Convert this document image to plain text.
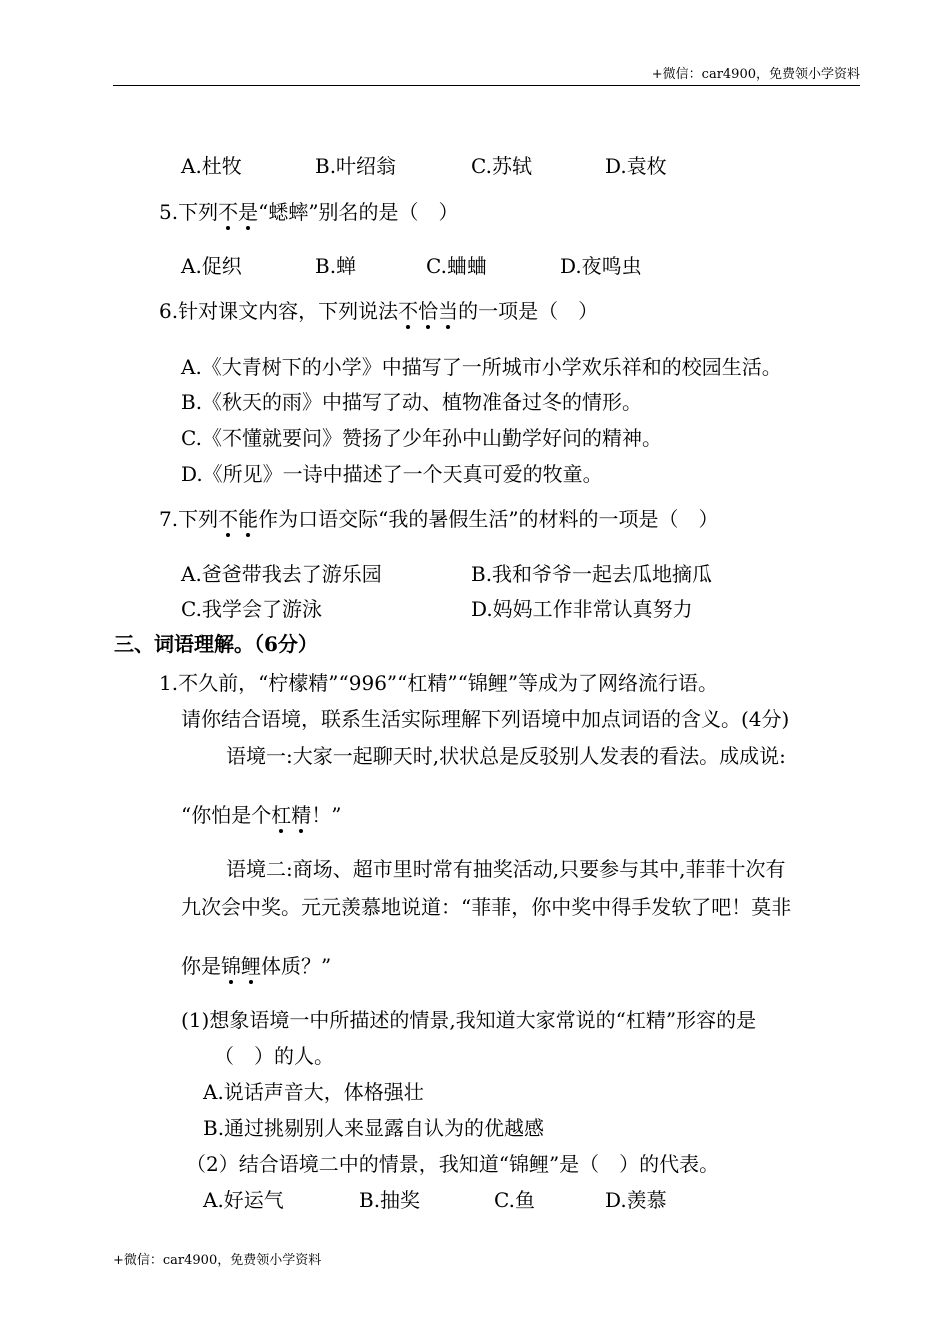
+微信：car4900，免费领小学资料
A.杜牧	B.叶绍翁	C.苏轼	D.袁枚
5.下列不是“蟋蟀”别名的是（　）
A.促织	B.蝉	C.蛐蛐	D.夜鸣虫
6.针对课文内容，下列说法不恰当的一项是（　）
A.《大青树下的小学》中描写了一所城市小学欢乐祥和的校园生活。
B.《秋天的雨》中描写了动、植物准备过冬的情形。
C.《不懂就要问》赞扬了少年孙中山勤学好问的精神。
D.《所见》一诗中描述了一个天真可爱的牧童。
7.下列不能作为口语交际“我的暑假生活”的材料的一项是（　）
A.爸爸带我去了游乐园	B.我和爷爷一起去瓜地摘瓜
C.我学会了游泳	D.妈妈工作非常认真努力
三、词语理解。（6分）
1.不久前，“柠檬精”“996”“杠精”“锦鲤”等成为了网络流行语。
请你结合语境，联系生活实际理解下列语境中加点词语的含义。(4分)
语境一:大家一起聊天时,状状总是反驳别人发表的看法。成成说:
“你怕是个杠精！”
语境二:商场、超市里时常有抽奖活动,只要参与其中,菲菲十次有
九次会中奖。元元羡慕地说道：“菲菲，你中奖中得手发软了吧！莫非
你是锦鲤体质？”
(1)想象语境一中所描述的情景,我知道大家常说的“杠精”形容的是
（　）的人。
A.说话声音大，体格强壮
B.通过挑剔别人来显露自认为的优越感
（2）结合语境二中的情景，我知道“锦鲤”是（　）的代表。
A.好运气	B.抽奖	C.鱼	D.羡慕
+微信：car4900，免费领小学资料
